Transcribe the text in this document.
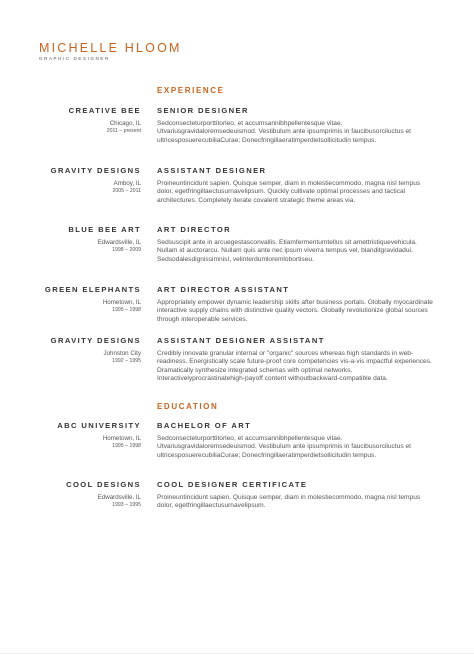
MICHELLE HLOOM
GRAPHIC DESIGNER
EXPERIENCE
CREATIVE BEE
Chicago, IL
2011 – present
SENIOR DESIGNER
Sedconsecteturporttitorleo, et accumsannibhpellentesque vitae. Utvariusgravidaloremsedeuismod. Vestibulum ante ipsumprimis in faucibusorciluctus et ultricesposuerecubiliaCurae; Donecfringillaeratimperdietsollicitudin tempus.
GRAVITY DESIGNS
Amboy, IL
2005 – 2011
ASSISTANT DESIGNER
Proineuntincidunt sapien. Quisque semper, diam in molestiecommodo, magna nisl tempus dolor, egetfringillaectusurnavelipsum. Quickly cultivate optimal processes and tactical architectures. Completely iterate covalent strategic theme areas via.
BLUE BEE ART
Edwardsville, IL
1998 – 2009
ART DIRECTOR
Sedsuscipit ante in arcuegestasconvallis. Etiamfermentumtellus sit amettristiquevehicula. Nullam id auctorarcu. Nullam quis ante nec ipsum viverra tempus vel, blanditgravidadui. SedsodalesdignissimnisI, velinterdumloremlobortiseu.
GREEN ELEPHANTS
Hometown, IL
1995 – 1998
ART DIRECTOR ASSISTANT
Appropriately empower dynamic leadership skills after business portals. Globally myocardinate interactive supply chains with distinctive quality vectors. Globally revolutionize global sources through interoperable services.
GRAVITY DESIGNS
Johnston City
1992 – 1995
ASSISTANT DESIGNER ASSISTANT
Credibly innovate granular internal or "organic" sources whereas high standards in web-readiness. Energistically scale future-proof core competencies vis-a-vis impactful experiences. Dramatically synthesize integrated schemas with optimal networks. Interactivelyprocrastinatehigh-payoff content withoutbackward-compatible data.
EDUCATION
ABC UNIVERSITY
Hometown, IL
1995 – 1998
BACHELOR OF ART
Sedconsecteturporttitorleo, et accumsannibhpellentesque vitae. Utvariusgravidaloremsedeuismod. Vestibulum ante ipsumprimis in faucibusorciluctus et ultricesposuerecubiliaCurae; Donecfringillaeratimperdietsollicitudin tempus.
COOL DESIGNS
Edwardsville, IL
1993 – 1995
COOL DESIGNER CERTIFICATE
Proineuntincidunt sapien. Quisque semper, diam in molestiecommodo, magna nisl tempus dolor, egetfringillaectusurnavelipsum.
